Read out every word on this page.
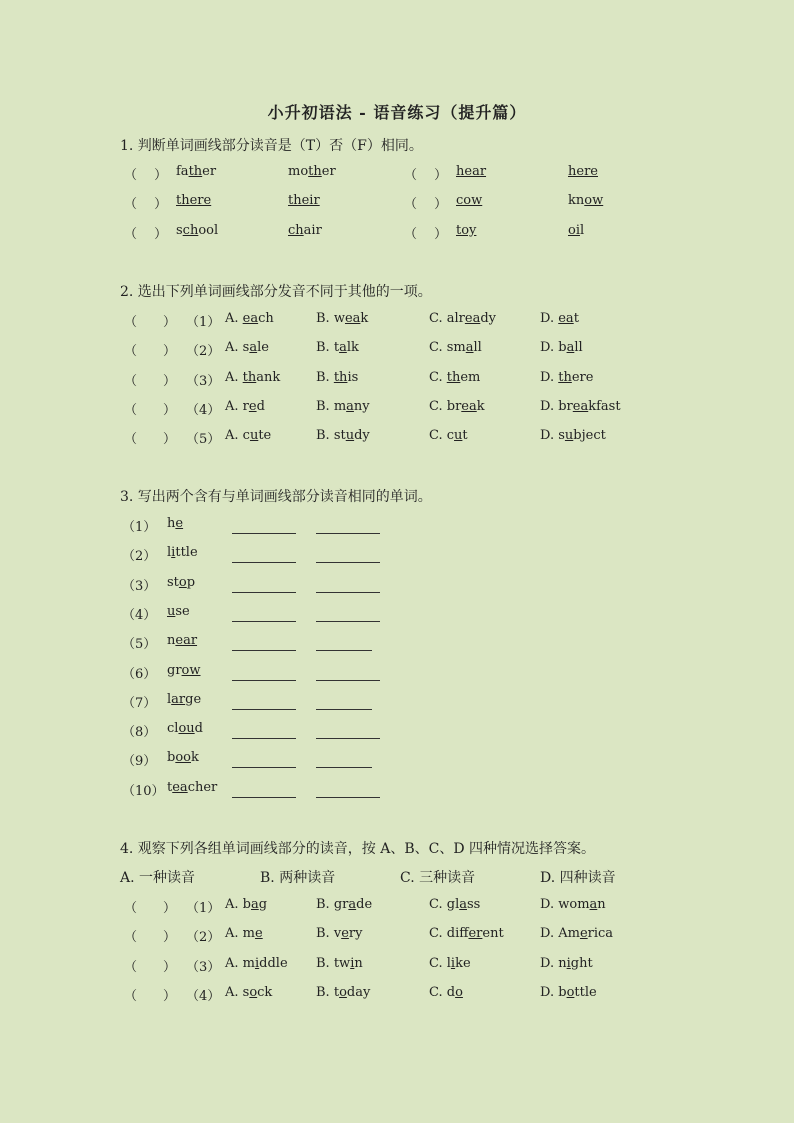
小升初语法 - 语音练习（提升篇）
1. 判断单词画线部分读音是（T）否（F）相同。
（　 ） father	mother	（　 ） hear	here
（　 ） there	their	（　 ） cow	know
（　 ） school	chair	（　 ） toy	oil
2. 选出下列单词画线部分发音不同于其他的一项。
（　　） （1） A. each	B. weak	C. already	D. eat
（　　） （2） A. sale	B. talk	C. small	D. ball
（　　） （3） A. thank	B. this	C. them	D. there
（　　） （4） A. red	B. many	C. break	D. breakfast
（　　） （5） A. cute	B. study	C. cut	D. subject
3. 写出两个含有与单词画线部分读音相同的单词。
（1） he
（2） little
（3） stop
（4） use
（5） near
（6） grow
（7） large
（8） cloud
（9） book
（10） teacher
4. 观察下列各组单词画线部分的读音，按 A、B、C、D 四种情况选择答案。
A. 一种读音	B. 两种读音	C. 三种读音	D. 四种读音
（　　） （1） A. bag	B. grade	C. glass	D. woman
（　　） （2） A. me	B. very	C. different	D. America
（　　） （3） A. middle B. twin	C. like	D. night
（　　） （4） A. sock	B. today	C. do	D. bottle
